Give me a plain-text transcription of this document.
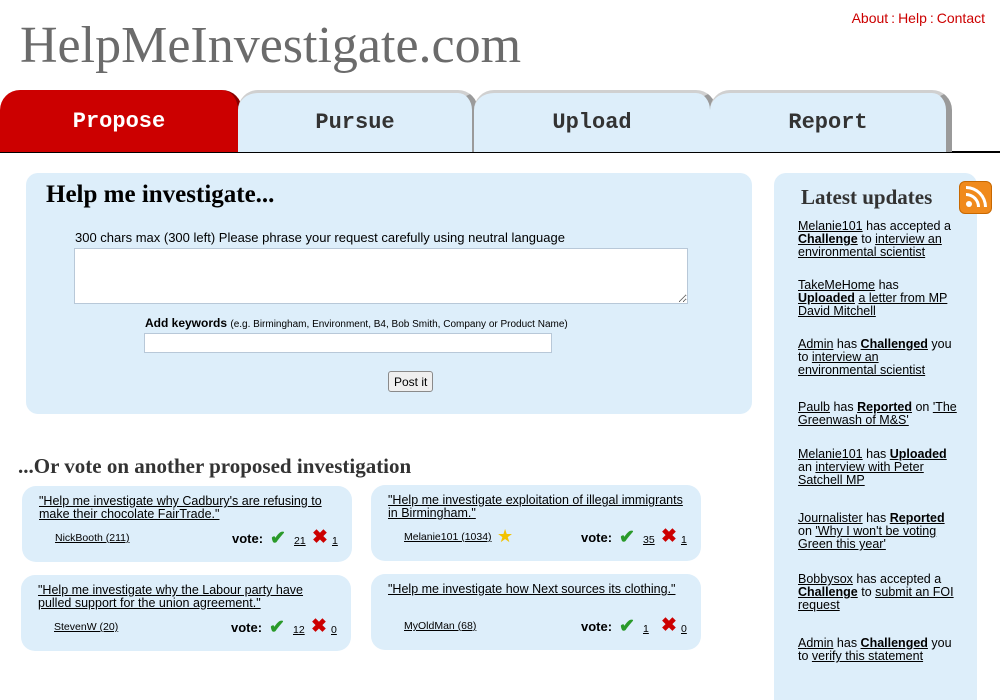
HelpMeInvestigate.com	About : Help : Contact
Propose	Pursue	Upload	Report
Help me investigate...
300 chars max (300 left) Please phrase your request carefully using neutral language
Add keywords (e.g. Birmingham, Environment, B4, Bob Smith, Company or Product Name)
Post it
...Or vote on another proposed investigation
"Help me investigate why Cadbury's are refusing to make their chocolate FairTrade."
NickBooth (211)	vote: ✔ 21 ✖ 1
"Help me investigate exploitation of illegal immigrants in Birmingham."
Melanie101 (1034) ★	vote: ✔ 35 ✖ 1
"Help me investigate why the Labour party have pulled support for the union agreement."
StevenW (20)	vote: ✔ 12 ✖ 0
"Help me investigate how Next sources its clothing."
MyOldMan (68)	vote: ✔ 1 ✖ 0
Latest updates
Melanie101 has accepted a Challenge to interview an environmental scientist
TakeMeHome has Uploaded a letter from MP David Mitchell
Admin has Challenged you to interview an environmental scientist
Paulb has Reported on 'The Greenwash of M&S'
Melanie101 has Uploaded an interview with Peter Satchell MP
Journalister has Reported on 'Why I won't be voting Green this year'
Bobbysox has accepted a Challenge to submit an FOI request
Admin has Challenged you to verify this statement
